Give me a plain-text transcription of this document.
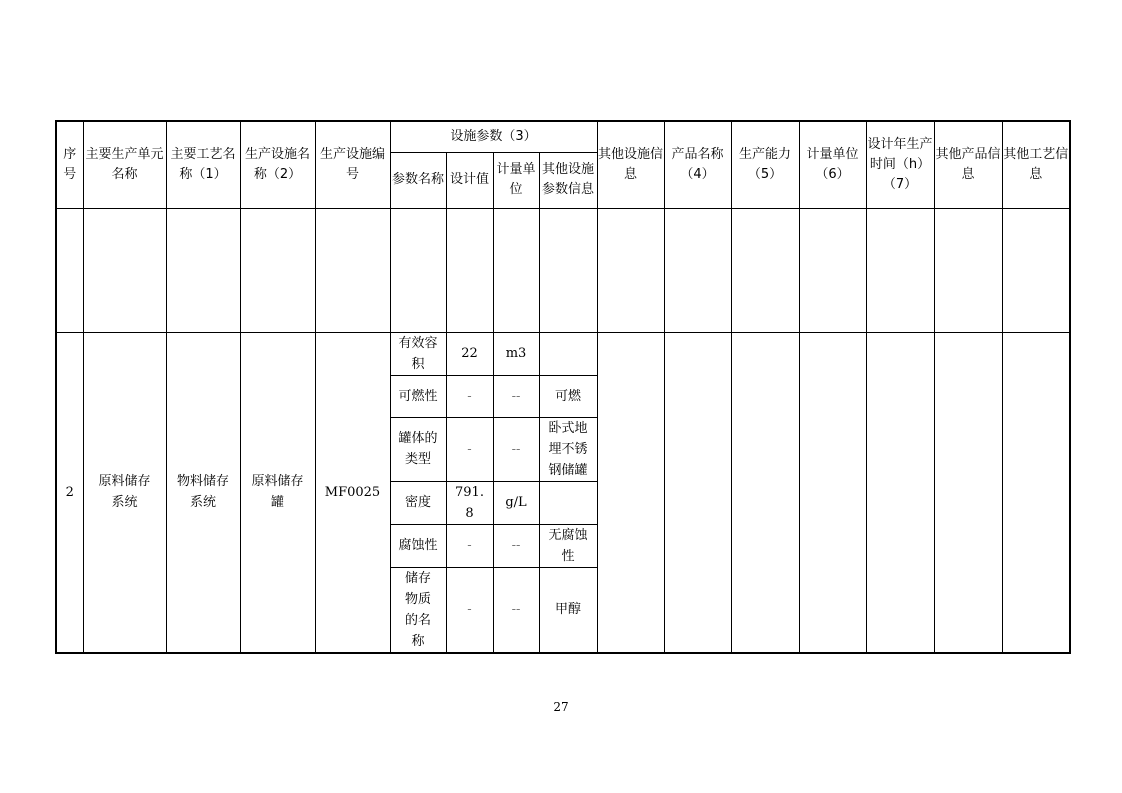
序号	主要生产单元名称	主要工艺名称（1）	生产设施名称（2）	生产设施编号	设施参数（3）				其他设施信息	产品名称（4）	生产能力（5）	计量单位（6）	设计年生产时间（h）（7）	其他产品信息	其他工艺信息
					参数名称	设计值	计量单位	其他设施参数信息							

2	原料储存系统	物料储存系统	原料储存罐	MF0025	有效容积	22	m3								
					可燃性	-	--	可燃							
					罐体的类型	-	--	卧式地埋不锈钢储罐							
					密度	791.8	g/L								
					腐蚀性	-	--	无腐蚀性							
					储存物质的名称	-	--	甲醇							
27
